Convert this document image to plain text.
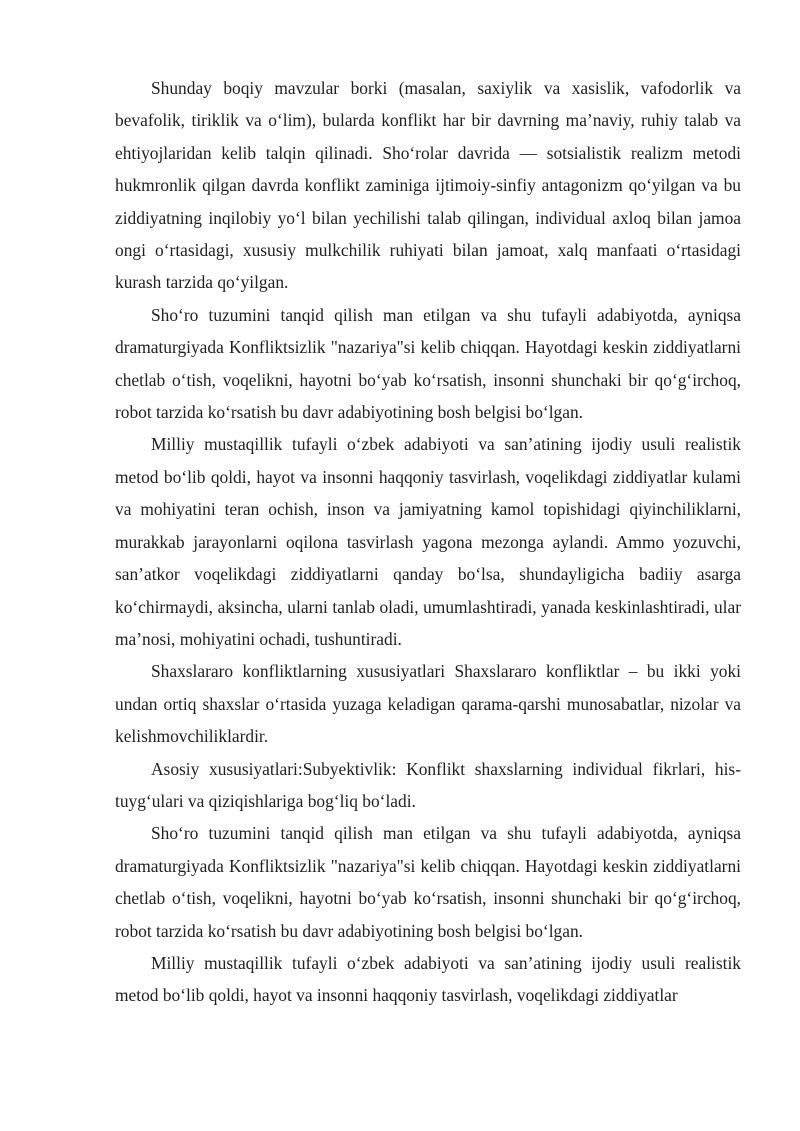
Shunday boqiy mavzular borki (masalan, saxiylik va xasislik, vafodorlik va bevafolik, tiriklik va o‘lim), bularda konflikt har bir davrning ma’naviy, ruhiy talab va ehtiyojlaridan kelib talqin qilinadi. Sho‘rolar davrida — sotsialistik realizm metodi hukmronlik qilgan davrda konflikt zaminiga ijtimoiy-sinfiy antagonizm qo‘yilgan va bu ziddiyatning inqilobiy yo‘l bilan yechilishi talab qilingan, individual axloq bilan jamoa ongi o‘rtasidagi, xususiy mulkchilik ruhiyati bilan jamoat, xalq manfaati o‘rtasidagi kurash tarzida qo‘yilgan.

Sho‘ro tuzumini tanqid qilish man etilgan va shu tufayli adabiyotda, ayniqsa dramaturgiyada Konfliktsizlik "nazariya"si kelib chiqqan. Hayotdagi keskin ziddiyatlarni chetlab o‘tish, voqelikni, hayotni bo‘yab ko‘rsatish, insonni shunchaki bir qo‘g‘irchoq, robot tarzida ko‘rsatish bu davr adabiyotining bosh belgisi bo‘lgan.

Milliy mustaqillik tufayli o‘zbek adabiyoti va san’atining ijodiy usuli realistik metod bo‘lib qoldi, hayot va insonni haqqoniy tasvirlash, voqelikdagi ziddiyatlar kulami va mohiyatini teran ochish, inson va jamiyatning kamol topishidagi qiyinchiliklarni, murakkab jarayonlarni oqilona tasvirlash yagona mezonga aylandi. Ammo yozuvchi, san’atkor voqelikdagi ziddiyatlarni qanday bo‘lsa, shundayligicha badiiy asarga ko‘chirmaydi, aksincha, ularni tanlab oladi, umumlashtiradi, yanada keskinlashtiradi, ular ma’nosi, mohiyatini ochadi, tushuntiradi.

Shaxslararo konfliktlarning xususiyatlari Shaxslararo konfliktlar – bu ikki yoki undan ortiq shaxslar o‘rtasida yuzaga keladigan qarama-qarshi munosabatlar, nizolar va kelishmovchiliklardir.

Asosiy xususiyatlari:Subyektivlik: Konflikt shaxslarning individual fikrlari, his-tuyg‘ulari va qiziqishlariga bog‘liq bo‘ladi.

Sho‘ro tuzumini tanqid qilish man etilgan va shu tufayli adabiyotda, ayniqsa dramaturgiyada Konfliktsizlik "nazariya"si kelib chiqqan. Hayotdagi keskin ziddiyatlarni chetlab o‘tish, voqelikni, hayotni bo‘yab ko‘rsatish, insonni shunchaki bir qo‘g‘irchoq, robot tarzida ko‘rsatish bu davr adabiyotining bosh belgisi bo‘lgan.

Milliy mustaqillik tufayli o‘zbek adabiyoti va san’atining ijodiy usuli realistik metod bo‘lib qoldi, hayot va insonni haqqoniy tasvirlash, voqelikdagi ziddiyatlar
